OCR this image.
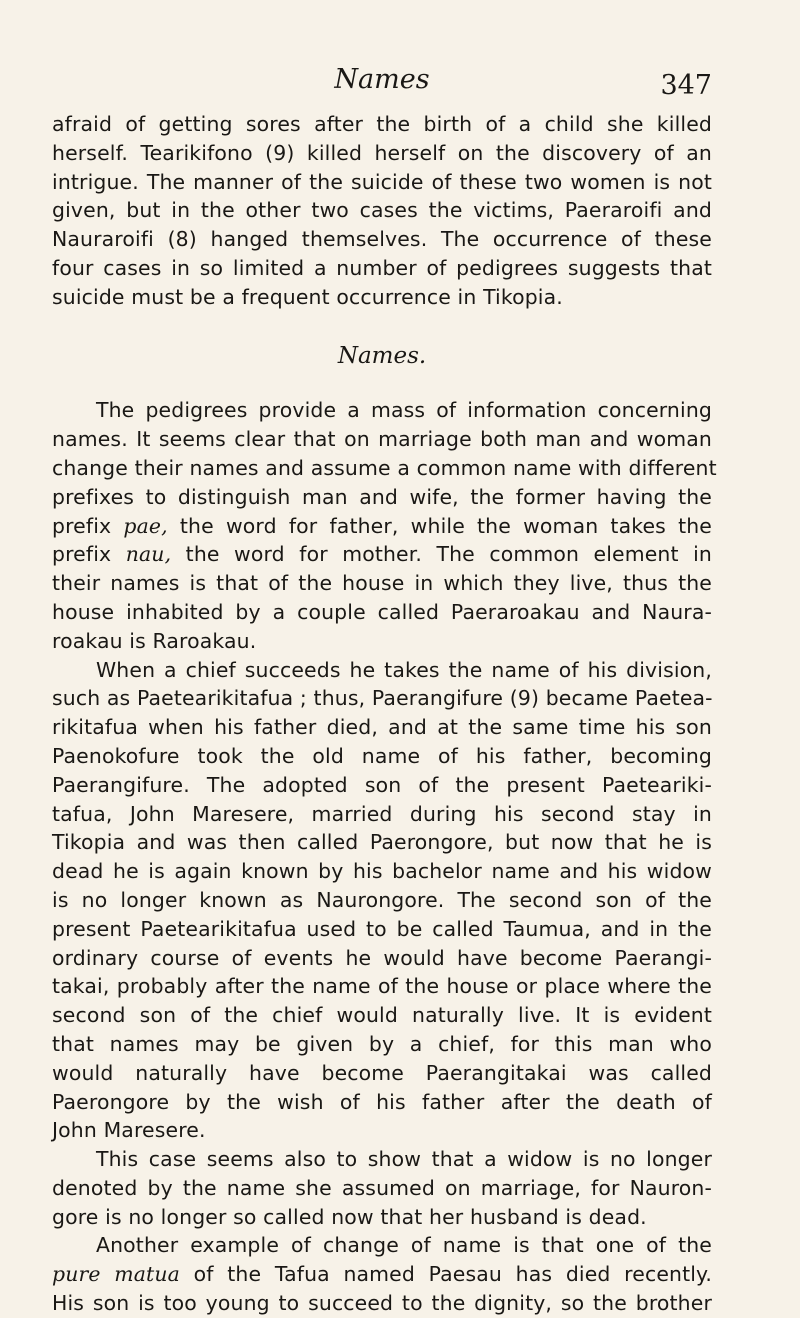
Names	347
afraid of getting sores after the birth of a child she killed
herself. Tearikifono (9) killed herself on the discovery of an
intrigue. The manner of the suicide of these two women is not
given, but in the other two cases the victims, Paeraroifi and
Nauraroifi (8) hanged themselves. The occurrence of these
four cases in so limited a number of pedigrees suggests that
suicide must be a frequent occurrence in Tikopia.
Names.
The pedigrees provide a mass of information concerning
names. It seems clear that on marriage both man and woman
change their names and assume a common name with different
prefixes to distinguish man and wife, the former having the
prefix pae, the word for father, while the woman takes the
prefix nau, the word for mother. The common element in
their names is that of the house in which they live, thus the
house inhabited by a couple called Paeraroakau and Naura-
roakau is Raroakau.
When a chief succeeds he takes the name of his division,
such as Paetearikitafua ; thus, Paerangifure (9) became Paetea-
rikitafua when his father died, and at the same time his son
Paenokofure took the old name of his father, becoming
Paerangifure. The adopted son of the present Paeteariki-
tafua, John Maresere, married during his second stay in
Tikopia and was then called Paerongore, but now that he is
dead he is again known by his bachelor name and his widow
is no longer known as Naurongore. The second son of the
present Paetearikitafua used to be called Taumua, and in the
ordinary course of events he would have become Paerangi-
takai, probably after the name of the house or place where the
second son of the chief would naturally live. It is evident
that names may be given by a chief, for this man who
would naturally have become Paerangitakai was called
Paerongore by the wish of his father after the death of
John Maresere.
This case seems also to show that a widow is no longer
denoted by the name she assumed on marriage, for Nauron-
gore is no longer so called now that her husband is dead.
Another example of change of name is that one of the
pure matua of the Tafua named Paesau has died recently.
His son is too young to succeed to the dignity, so the brother
